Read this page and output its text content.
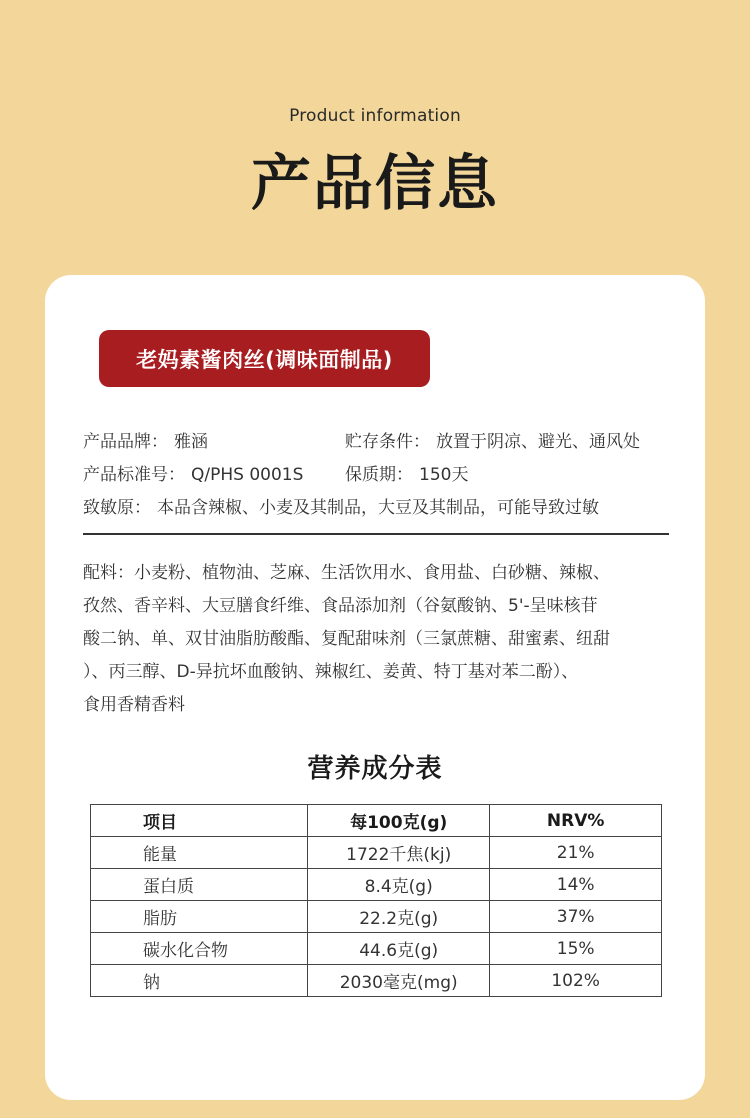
Product information
产品信息
老妈素酱肉丝(调味面制品)
产品品牌： 雅涵	贮存条件： 放置于阴凉、避光、通风处
产品标准号： Q/PHS 0001S 保质期： 150天
致敏原： 本品含辣椒、小麦及其制品，大豆及其制品，可能导致过敏
配料：小麦粉、植物油、芝麻、生活饮用水、食用盐、白砂糖、辣椒、
孜然、香辛料、大豆膳食纤维、食品添加剂（谷氨酸钠、5'-呈味核苷
酸二钠、单、双甘油脂肪酸酯、复配甜味剂（三氯蔗糖、甜蜜素、纽甜
）、丙三醇、D-异抗坏血酸钠、辣椒红、姜黄、特丁基对苯二酚）、
食用香精香料
营养成分表
项目	每100克(g)	NRV%
能量	1722千焦(kj)	21%
蛋白质	8.4克(g)	14%
脂肪	22.2克(g)	37%
碳水化合物	44.6克(g)	15%
钠	2030毫克(mg)	102%
